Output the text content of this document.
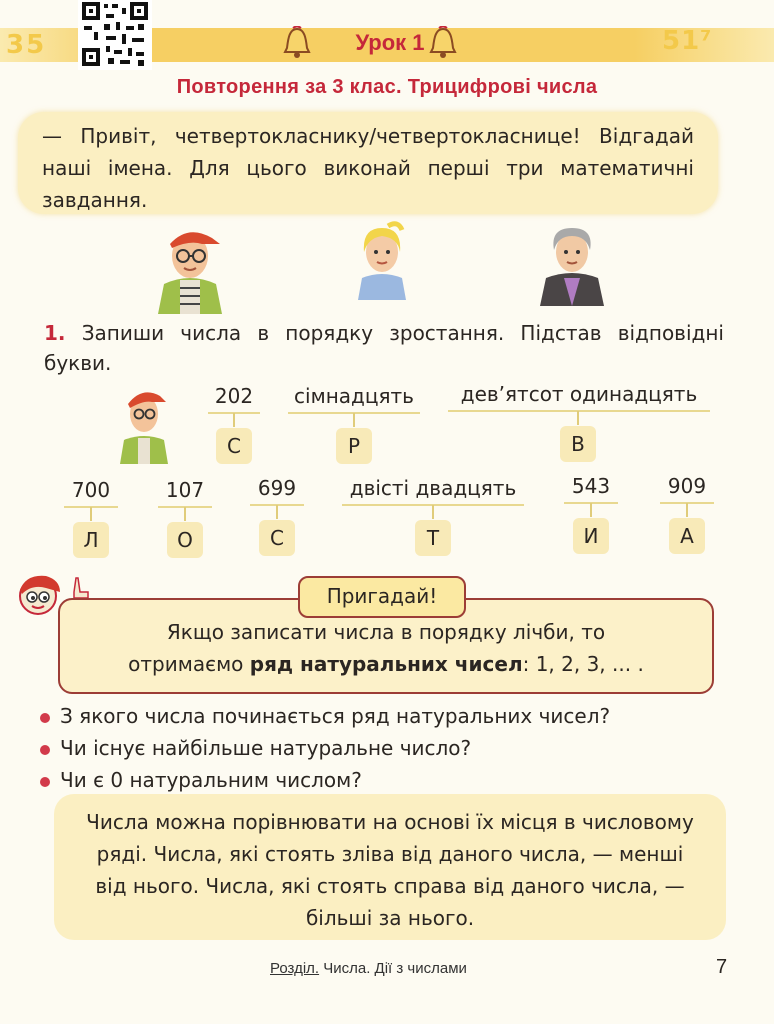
35	51⁷
Урок 1
Повторення за 3 клас. Трицифрові числа

— Привіт, четвертокласнику/четвертокласнице! Відгадай наші імена. Для цього виконай перші три математичні завдання.

1. Запиши числа в порядку зростання. Підстав відповідні букви.
202
С
сімнадцять
Р
дев’ятсот одинадцять
В
700
Л
107
О
699
С
двісті двадцять
Т
543
И
909
А

Якщо записати числа в порядку лічби, то
отримаємо ряд натуральних чисел: 1, 2, 3, ... .

Пригадай!
З якого числа починається ряд натуральних чисел?
Чи існує найбільше натуральне число?
Чи є 0 натуральним числом?

Числа можна порівнювати на основі їх місця в числовому ряді. Числа, які стоять зліва від даного числа, — менші від нього. Числа, які стоять справа від даного числа, — більші за нього.

Розділ. Числа. Дії з числами	7
